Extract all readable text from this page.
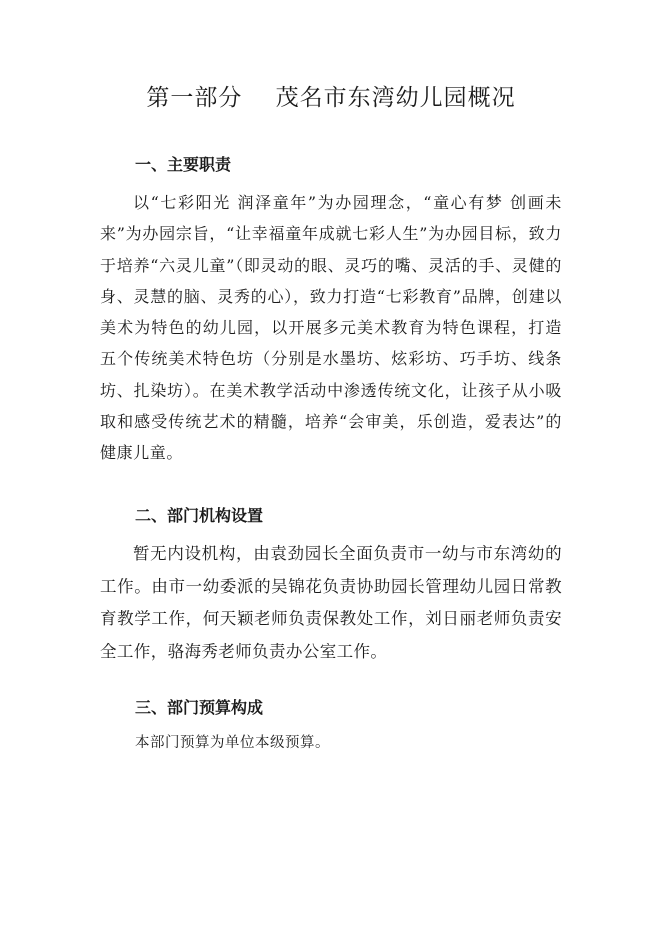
第一部分    茂名市东湾幼儿园概况
一、主要职责

以“七彩阳光 润泽童年”为办园理念，“童心有梦 创画未来”为办园宗旨，“让幸福童年成就七彩人生”为办园目标，致力于培养“六灵儿童”（即灵动的眼、灵巧的嘴、灵活的手、灵健的身、灵慧的脑、灵秀的心），致力打造“七彩教育”品牌，创建以美术为特色的幼儿园，以开展多元美术教育为特色课程，打造五个传统美术特色坊（分别是水墨坊、炫彩坊、巧手坊、线条坊、扎染坊）。在美术教学活动中渗透传统文化，让孩子从小吸取和感受传统艺术的精髓，培养“会审美，乐创造，爱表达”的健康儿童。

二、部门机构设置

暂无内设机构，由袁劲园长全面负责市一幼与市东湾幼的工作。由市一幼委派的吴锦花负责协助园长管理幼儿园日常教育教学工作，何天颖老师负责保教处工作，刘日丽老师负责安全工作，骆海秀老师负责办公室工作。

三、部门预算构成

本部门预算为单位本级预算。
